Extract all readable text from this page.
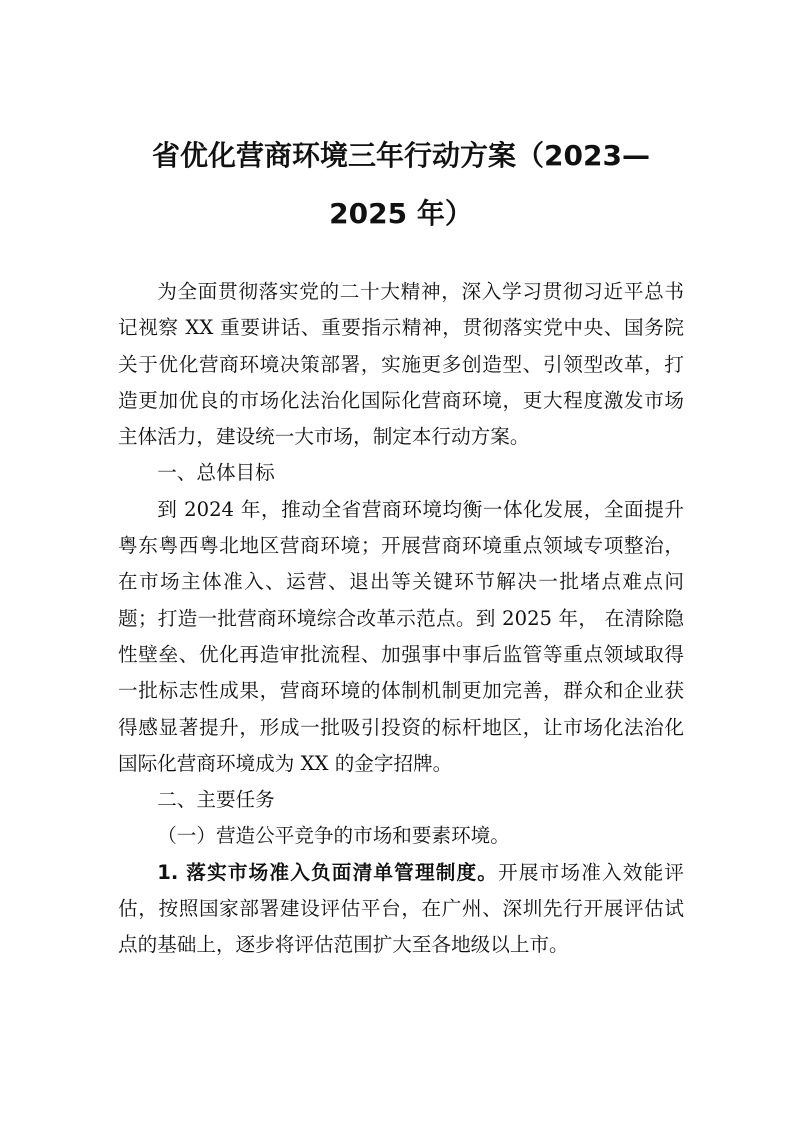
省优化营商环境三年行动方案（2023—
2025 年）

为全面贯彻落实党的二十大精神，深入学习贯彻习近平总书记视察 XX 重要讲话、重要指示精神，贯彻落实党中央、国务院关于优化营商环境决策部署，实施更多创造型、引领型改革，打造更加优良的市场化法治化国际化营商环境，更大程度激发市场主体活力，建设统一大市场，制定本行动方案。

一、总体目标

到 2024 年，推动全省营商环境均衡一体化发展，全面提升粤东粤西粤北地区营商环境；开展营商环境重点领域专项整治，在市场主体准入、运营、退出等关键环节解决一批堵点难点问题；打造一批营商环境综合改革示范点。到 2025 年， 在清除隐性壁垒、优化再造审批流程、加强事中事后监管等重点领域取得一批标志性成果，营商环境的体制机制更加完善，群众和企业获得感显著提升，形成一批吸引投资的标杆地区，让市场化法治化国际化营商环境成为 XX 的金字招牌。

二、主要任务

（一）营造公平竞争的市场和要素环境。

1. 落实市场准入负面清单管理制度。开展市场准入效能评估，按照国家部署建设评估平台，在广州、深圳先行开展评估试点的基础上，逐步将评估范围扩大至各地级以上市。
